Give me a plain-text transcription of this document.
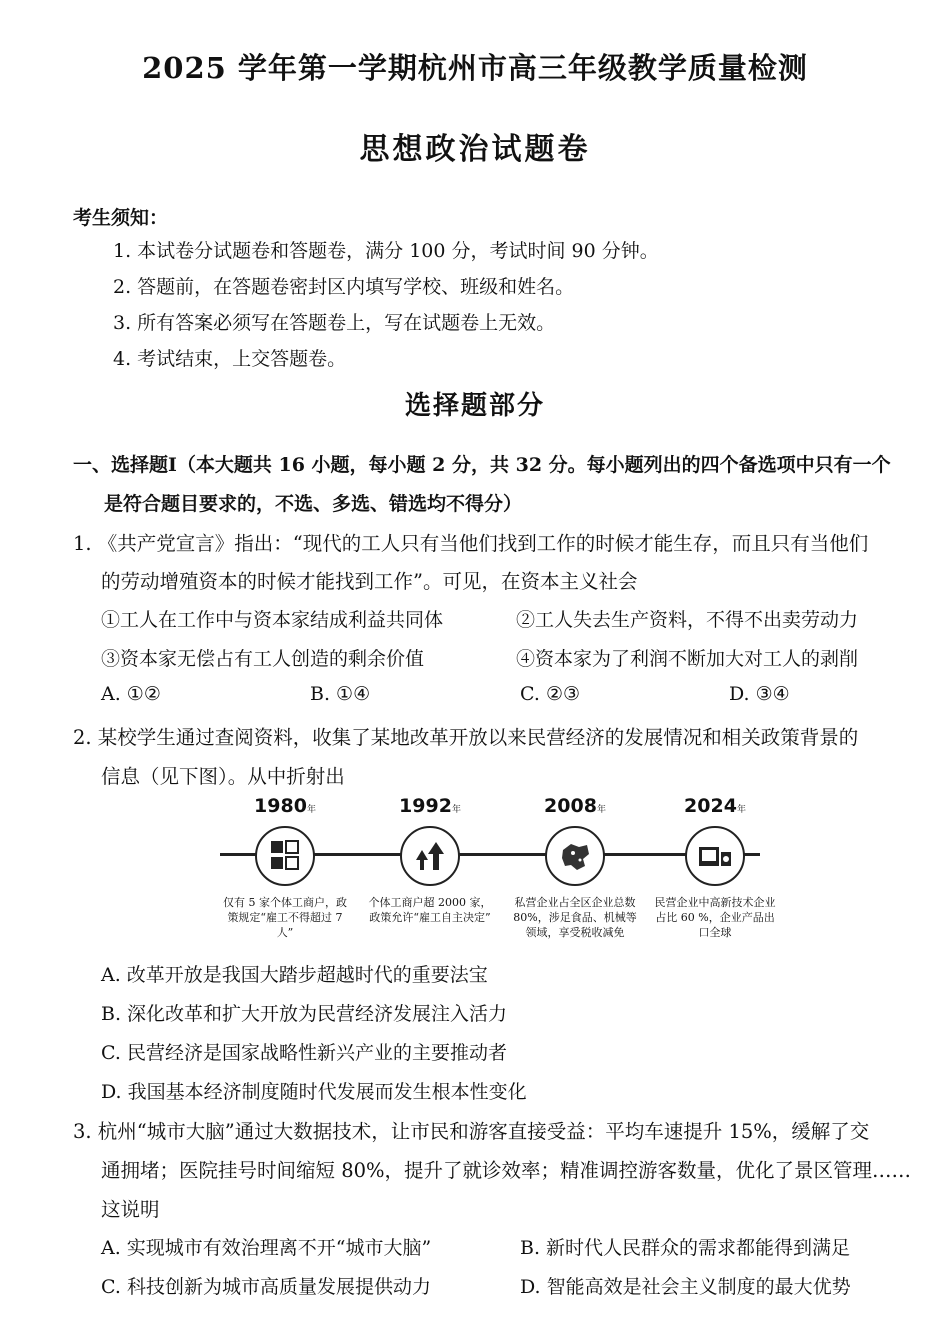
2025 学年第一学期杭州市高三年级教学质量检测
思想政治试题卷
考生须知：
1. 本试卷分试题卷和答题卷，满分 100 分，考试时间 90 分钟。
2. 答题前，在答题卷密封区内填写学校、班级和姓名。
3. 所有答案必须写在答题卷上，写在试题卷上无效。
4. 考试结束，上交答题卷。
选择题部分
一、选择题Ⅰ（本大题共 16 小题，每小题 2 分，共 32 分。每小题列出的四个备选项中只有一个
是符合题目要求的，不选、多选、错选均不得分）
1. 《共产党宣言》指出：“现代的工人只有当他们找到工作的时候才能生存，而且只有当他们
的劳动增殖资本的时候才能找到工作”。可见，在资本主义社会
①工人在工作中与资本家结成利益共同体	②工人失去生产资料，不得不出卖劳动力
③资本家无偿占有工人创造的剩余价值	④资本家为了利润不断加大对工人的剥削
A. ①②	B. ①④	C. ②③	D. ③④
2. 某校学生通过查阅资料，收集了某地改革开放以来民营经济的发展情况和相关政策背景的
信息（见下图）。从中折射出
1980年
仅有 5 家个体工商户，政策规定“雇工不得超过 7 人”
1992年
个体工商户超 2000 家，政策允许“雇工自主决定”
2008年
私营企业占全区企业总数 80%，涉足食品、机械等领域，享受税收减免
2024年
民营企业中高新技术企业占比 60 %，企业产品出口全球
A. 改革开放是我国大踏步超越时代的重要法宝
B. 深化改革和扩大开放为民营经济发展注入活力
C. 民营经济是国家战略性新兴产业的主要推动者
D. 我国基本经济制度随时代发展而发生根本性变化
3. 杭州“城市大脑”通过大数据技术，让市民和游客直接受益：平均车速提升 15%，缓解了交
通拥堵；医院挂号时间缩短 80%，提升了就诊效率；精准调控游客数量，优化了景区管理……
这说明
A. 实现城市有效治理离不开“城市大脑”	B. 新时代人民群众的需求都能得到满足
C. 科技创新为城市高质量发展提供动力	D. 智能高效是社会主义制度的最大优势
